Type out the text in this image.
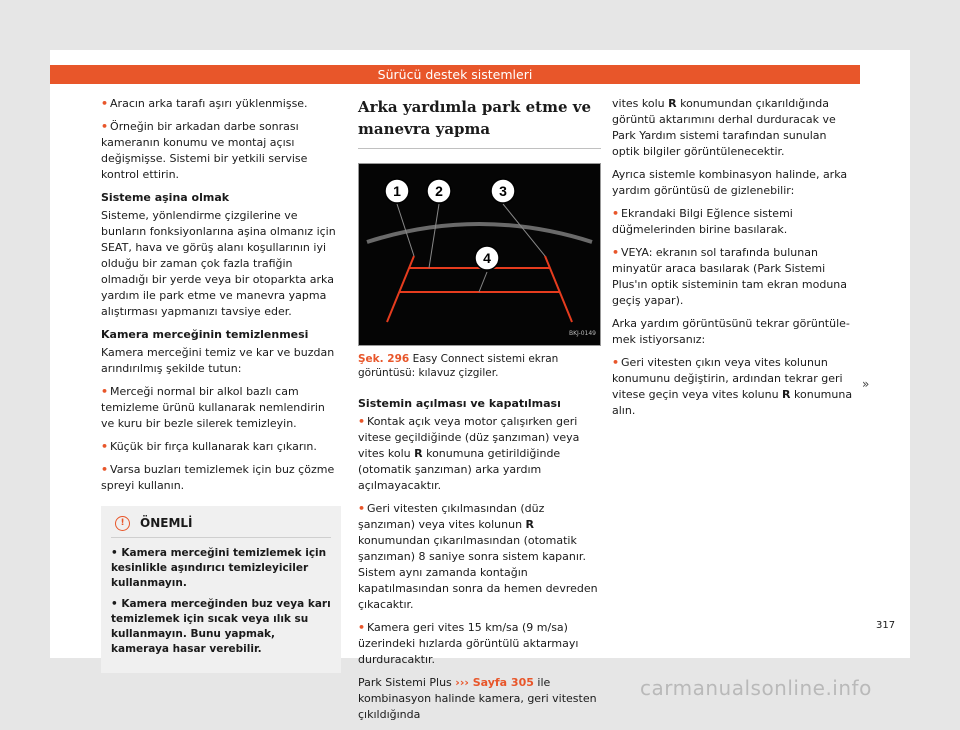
Sürücü destek sistemleri

• Aracın arka tarafı aşırı yüklenmişse.

• Örneğin bir arkadan darbe sonrası kameranın konumu ve montaj açısı değişmişse. Sistemi bir yetkili servise kontrol ettirin.

Sisteme aşina olmak

Sisteme, yönlendirme çizgilerine ve bunların fonksiyonlarına aşina olmanız için SEAT, hava ve görüş alanı koşullarının iyi olduğu bir zaman çok fazla trafiğin olmadığı bir yerde veya bir otoparkta arka yardım ile park etme ve manevra yapma alıştırması yapmanızı tavsiye eder.

Kamera merceğinin temizlenmesi

Kamera merceğini temiz ve kar ve buzdan arındırılmış şekilde tutun:

• Merceği normal bir alkol bazlı cam temizleme ürünü kullanarak nemlendirin ve kuru bir bezle silerek temizleyin.

• Küçük bir fırça kullanarak karı çıkarın.

• Varsa buzları temizlemek için buz çözme spreyi kullanın.

!	ÖNEMLİ

• Kamera merceğini temizlemek için kesinlikle aşındırıcı temizleyiciler kullanmayın.

• Kamera merceğinden buz veya karı temizlemek için sıcak veya ılık su kullanmayın. Bunu yapmak, kameraya hasar verebilir.

Arka yardımla park etme ve manevra yapma
1 2	3
4
BKJ-0149
Şek. 296 Easy Connect sistemi ekran görüntüsü: kılavuz çizgiler.
Sistemin açılması ve kapatılması

• Kontak açık veya motor çalışırken geri vitese geçildiğinde (düz şanzıman) veya vites kolu R konumuna getirildiğinde (otomatik şanzıman) arka yardım açılmayacaktır.

• Geri vitesten çıkılmasından (düz şanzıman) veya vites kolunun R konumundan çıkarılmasından (otomatik şanzıman) 8 saniye sonra sistem kapanır. Sistem aynı zamanda kontağın kapatılmasından sonra da hemen devreden çıkacaktır.

• Kamera geri vites 15 km/sa (9 m/sa) üzerindeki hızlarda görüntülü aktarmayı durduracaktır.

Park Sistemi Plus ››› Sayfa 305 ile kombinasyon halinde kamera, geri vitesten çıkıldığında

vites kolu R konumundan çıkarıldığında görüntü aktarımını derhal durduracak ve Park Yardım sistemi tarafından sunulan optik bilgiler görüntülenecektir.

Ayrıca sistemle kombinasyon halinde, arka yardım görüntüsü de gizlenebilir:

• Ekrandaki Bilgi Eğlence sistemi düğmelerinden birine basılarak.

• VEYA: ekranın sol tarafında bulunan minyatür araca basılarak (Park Sistemi Plus'ın optik sisteminin tam ekran moduna geçiş yapar).

Arka yardım görüntüsünü tekrar görüntülemek istiyorsanız:

• Geri vitesten çıkın veya vites kolunun konumunu değiştirin, ardından tekrar geri vitese geçin veya vites kolunu R konumuna alın.

»
317
carmanualsonline.info
